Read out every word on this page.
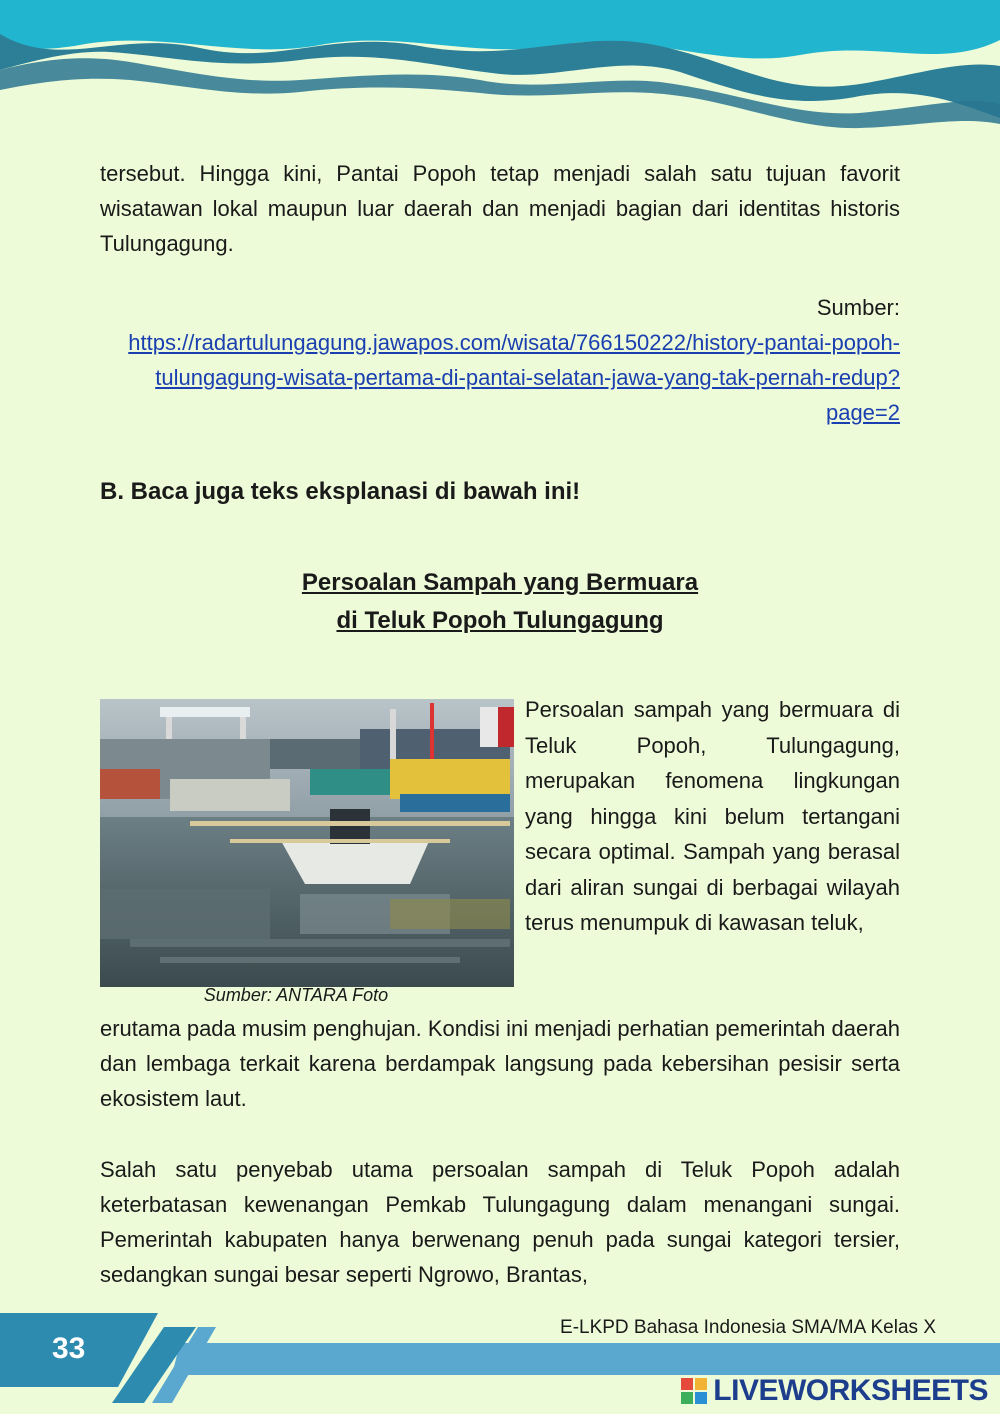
tersebut. Hingga kini, Pantai Popoh tetap menjadi salah satu tujuan favorit wisatawan lokal maupun luar daerah dan menjadi bagian dari identitas historis Tulungagung.

Sumber:
https://radartulungagung.jawapos.com/wisata/766150222/history-pantai-popoh-tulungagung-wisata-pertama-di-pantai-selatan-jawa-yang-tak-pernah-redup?page=2
B. Baca juga teks eksplanasi di bawah ini!
Persoalan Sampah yang Bermuara
di Teluk Popoh Tulungagung
Sumber: ANTARA Foto

Persoalan sampah yang bermuara di Teluk Popoh, Tulungagung, merupakan fenomena lingkungan yang hingga kini belum tertangani secara optimal. Sampah yang berasal dari aliran sungai di berbagai wilayah terus menumpuk di kawasan teluk,

erutama pada musim penghujan. Kondisi ini menjadi perhatian pemerintah daerah dan lembaga terkait karena berdampak langsung pada kebersihan pesisir serta ekosistem laut.

Salah satu penyebab utama persoalan sampah di Teluk Popoh adalah keterbatasan kewenangan Pemkab Tulungagung dalam menangani sungai. Pemerintah kabupaten hanya berwenang penuh pada sungai kategori tersier, sedangkan sungai besar seperti Ngrowo, Brantas,

33
E-LKPD Bahasa Indonesia SMA/MA Kelas X
LIVEWORKSHEETS
